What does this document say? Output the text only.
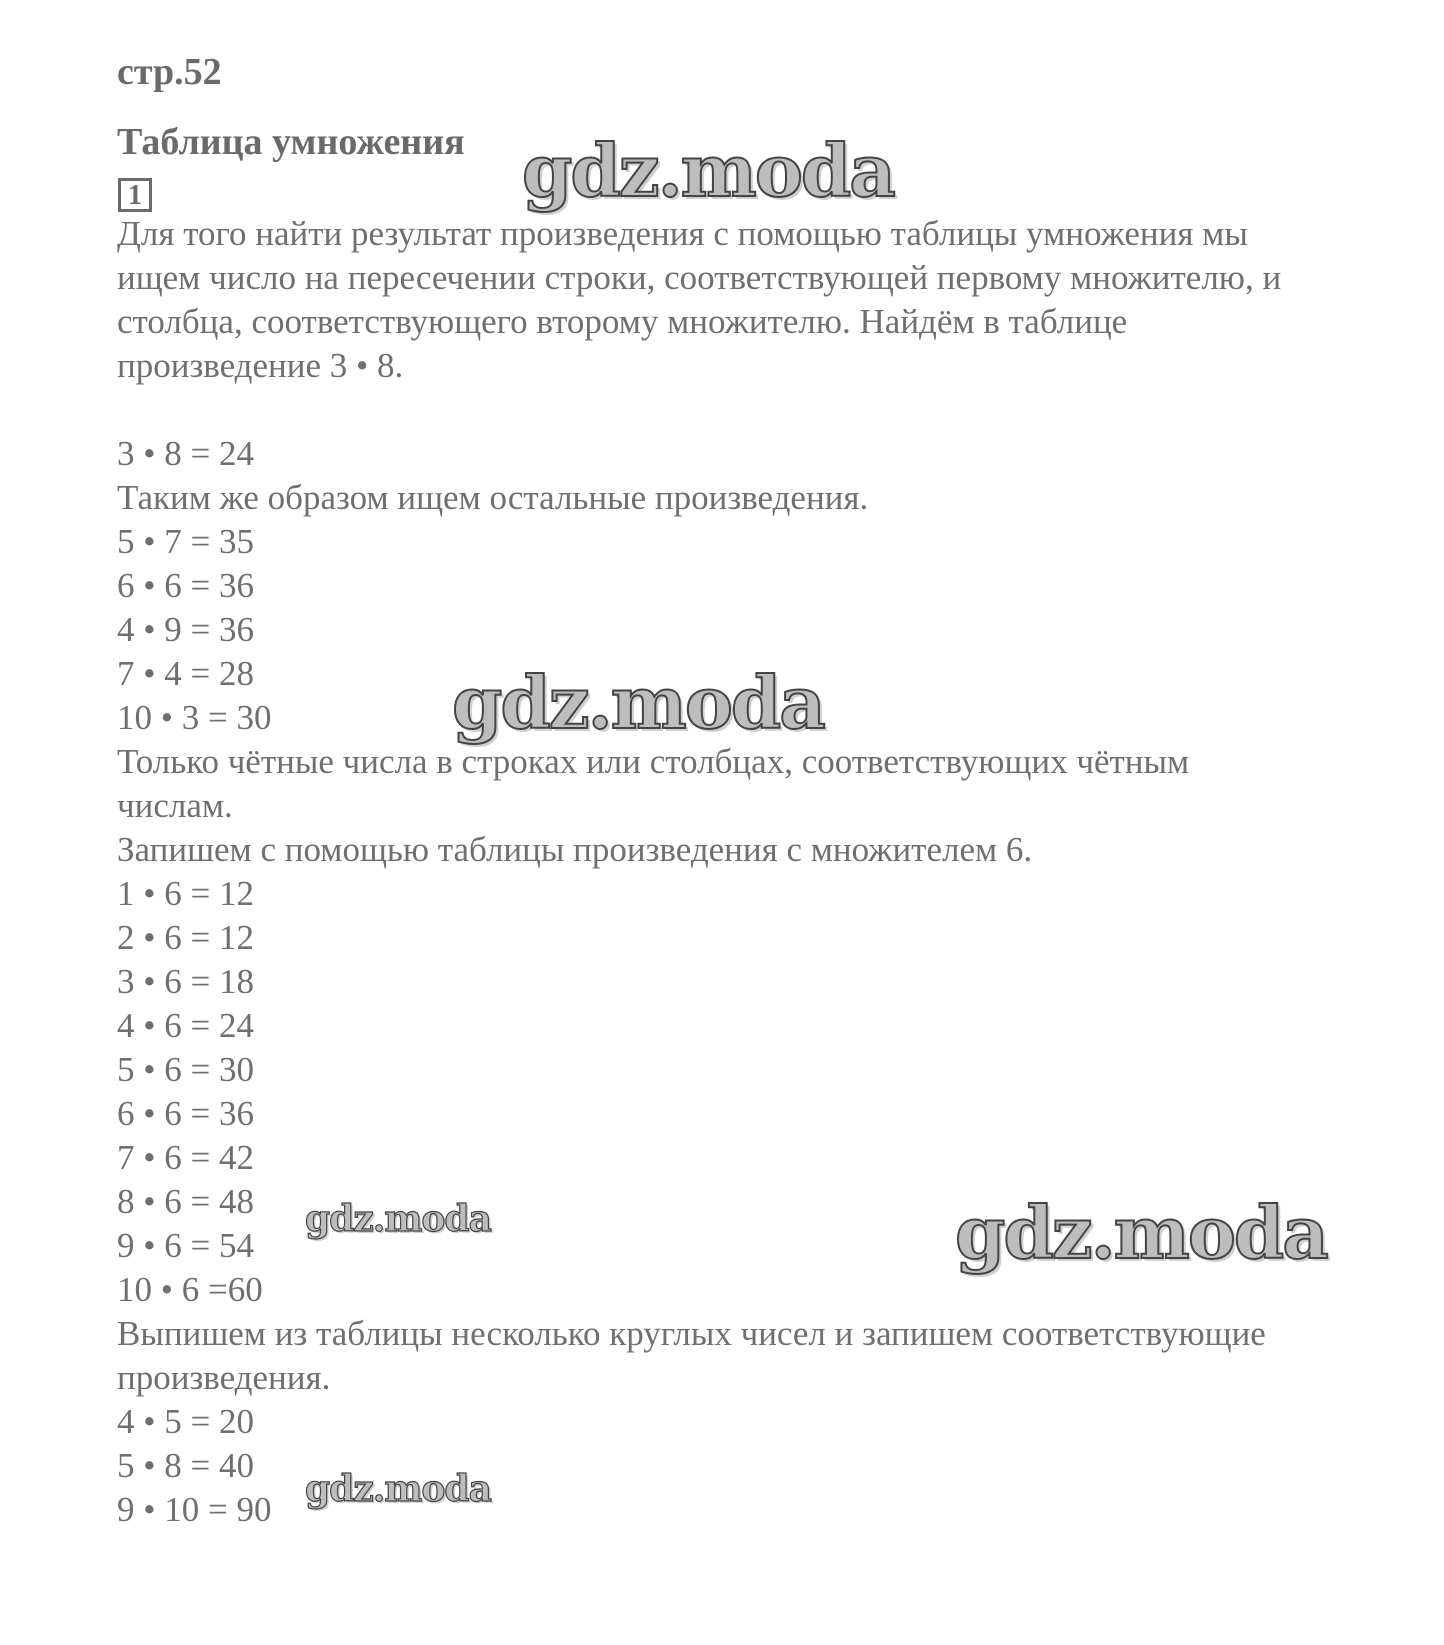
стр.52
Таблица умножения
1
Для того найти результат произведения с помощью таблицы умножения мы
ищем число на пересечении строки, соответствующей первому множителю, и
столбца, соответствующего второму множителю. Найдём в таблице
произведение 3 • 8.
3 • 8 = 24
Таким же образом ищем остальные произведения.
5 • 7 = 35
6 • 6 = 36
4 • 9 = 36
7 • 4 = 28
10 • 3 = 30
Только чётные числа в строках или столбцах, соответствующих чётным
числам.
Запишем с помощью таблицы произведения с множителем 6.
1 • 6 = 12
2 • 6 = 12
3 • 6 = 18
4 • 6 = 24
5 • 6 = 30
6 • 6 = 36
7 • 6 = 42
8 • 6 = 48
9 • 6 = 54
10 • 6 =60
Выпишем из таблицы несколько круглых чисел и запишем соответствующие
произведения.
4 • 5 = 20
5 • 8 = 40
9 • 10 = 90
gdz.moda
gdz.moda
gdz.moda	gdz.moda
gdz.moda
